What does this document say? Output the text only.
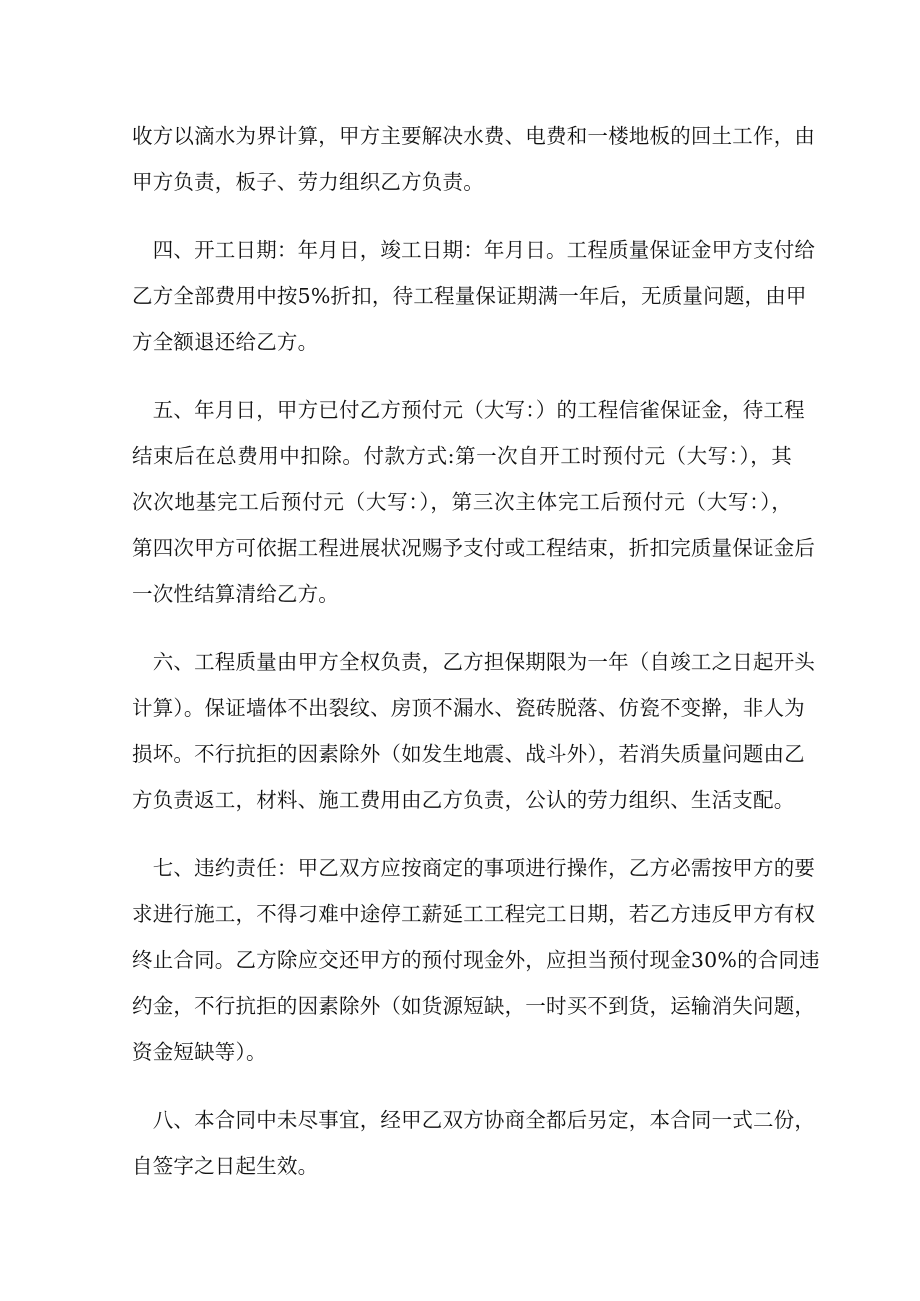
收方以滴水为界计算，甲方主要解决水费、电费和一楼地板的回土工作，由
甲方负责，板子、劳力组织乙方负责。
　四、开工日期：年月日，竣工日期：年月日。工程质量保证金甲方支付给
乙方全部费用中按5%折扣，待工程量保证期满一年后，无质量问题，由甲
方全额退还给乙方。
　五、年月日，甲方已付乙方预付元（大写：）的工程信雀保证金，待工程
结束后在总费用中扣除。付款方式:第一次自开工时预付元（大写：），其
次次地基完工后预付元（大写：），第三次主体完工后预付元（大写：），
第四次甲方可依据工程进展状况赐予支付或工程结束，折扣完质量保证金后
一次性结算清给乙方。
　六、工程质量由甲方全权负责，乙方担保期限为一年（自竣工之日起开头
计算）。保证墙体不出裂纹、房顶不漏水、瓷砖脱落、仿瓷不变擀，非人为
损坏。不行抗拒的因素除外（如发生地震、战斗外），若消失质量问题由乙
方负责返工，材料、施工费用由乙方负责，公认的劳力组织、生活支配。
　七、违约责任：甲乙双方应按商定的事项进行操作，乙方必需按甲方的要
求进行施工，不得刁难中途停工薪延工工程完工日期，若乙方违反甲方有权
终止合同。乙方除应交还甲方的预付现金外，应担当预付现金30%的合同违
约金，不行抗拒的因素除外（如货源短缺，一时买不到货，运输消失问题，
资金短缺等）。
　八、本合同中未尽事宜，经甲乙双方协商全都后另定，本合同一式二份，
自签字之日起生效。
